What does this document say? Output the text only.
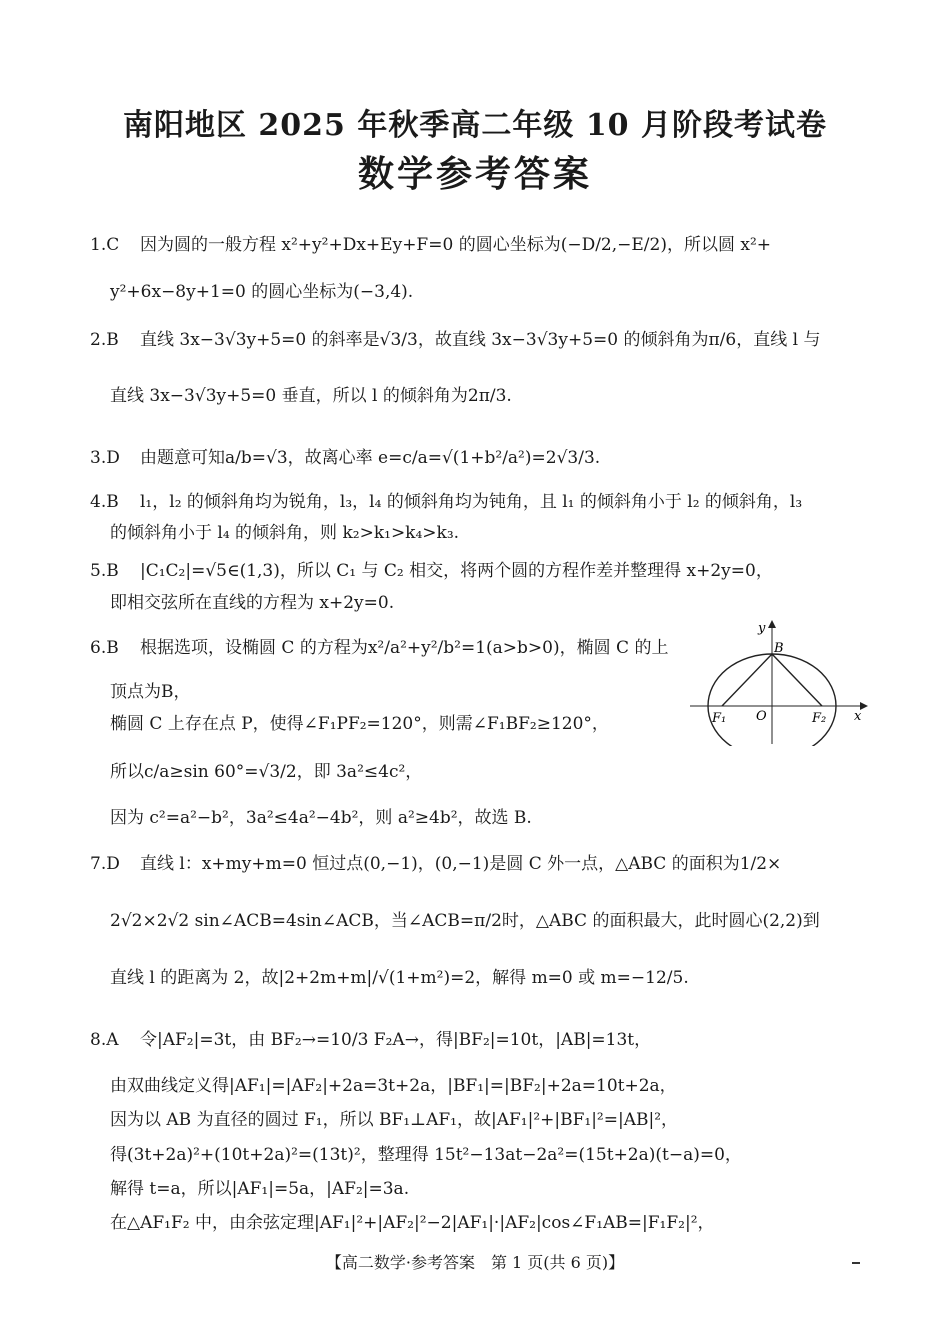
南阳地区 2025 年秋季高二年级 10 月阶段考试卷
数学参考答案
1.C 因为圆的一般方程 x²+y²+Dx+Ey+F=0 的圆心坐标为(−D/2,−E/2)，所以圆 x²+
y²+6x−8y+1=0 的圆心坐标为(−3,4).
2.B 直线 3x−3√3y+5=0 的斜率是√3/3，故直线 3x−3√3y+5=0 的倾斜角为π/6，直线 l 与
直线 3x−3√3y+5=0 垂直，所以 l 的倾斜角为2π/3.
3.D 由题意可知a/b=√3，故离心率 e=c/a=√(1+b²/a²)=2√3/3.
4.B l₁，l₂ 的倾斜角均为锐角，l₃，l₄ 的倾斜角均为钝角，且 l₁ 的倾斜角小于 l₂ 的倾斜角，l₃
的倾斜角小于 l₄ 的倾斜角，则 k₂>k₁>k₄>k₃.
5.B |C₁C₂|=√5∈(1,3)，所以 C₁ 与 C₂ 相交，将两个圆的方程作差并整理得 x+2y=0，
即相交弦所在直线的方程为 x+2y=0.
6.B 根据选项，设椭圆 C 的方程为x²/a²+y²/b²=1(a>b>0)，椭圆 C 的上
顶点为B，
椭圆 C 上存在点 P，使得∠F₁PF₂=120°，则需∠F₁BF₂≥120°，
所以c/a≥sin 60°=√3/2，即 3a²≤4c²，
因为 c²=a²−b²，3a²≤4a²−4b²，则 a²≥4b²，故选 B.
y
x
B
O
F₁	F₂
7.D 直线 l：x+my+m=0 恒过点(0,−1)，(0,−1)是圆 C 外一点，△ABC 的面积为1/2×
2√2×2√2 sin∠ACB=4sin∠ACB，当∠ACB=π/2时，△ABC 的面积最大，此时圆心(2,2)到
直线 l 的距离为 2，故|2+2m+m|/√(1+m²)=2，解得 m=0 或 m=−12/5.
8.A 令|AF₂|=3t，由 BF₂→=10/3 F₂A→，得|BF₂|=10t，|AB|=13t，
由双曲线定义得|AF₁|=|AF₂|+2a=3t+2a，|BF₁|=|BF₂|+2a=10t+2a，
因为以 AB 为直径的圆过 F₁，所以 BF₁⊥AF₁，故|AF₁|²+|BF₁|²=|AB|²，
得(3t+2a)²+(10t+2a)²=(13t)²，整理得 15t²−13at−2a²=(15t+2a)(t−a)=0，
解得 t=a，所以|AF₁|=5a，|AF₂|=3a.
在△AF₁F₂ 中，由余弦定理|AF₁|²+|AF₂|²−2|AF₁|·|AF₂|cos∠F₁AB=|F₁F₂|²，
【高二数学·参考答案　第 1 页(共 6 页)】
